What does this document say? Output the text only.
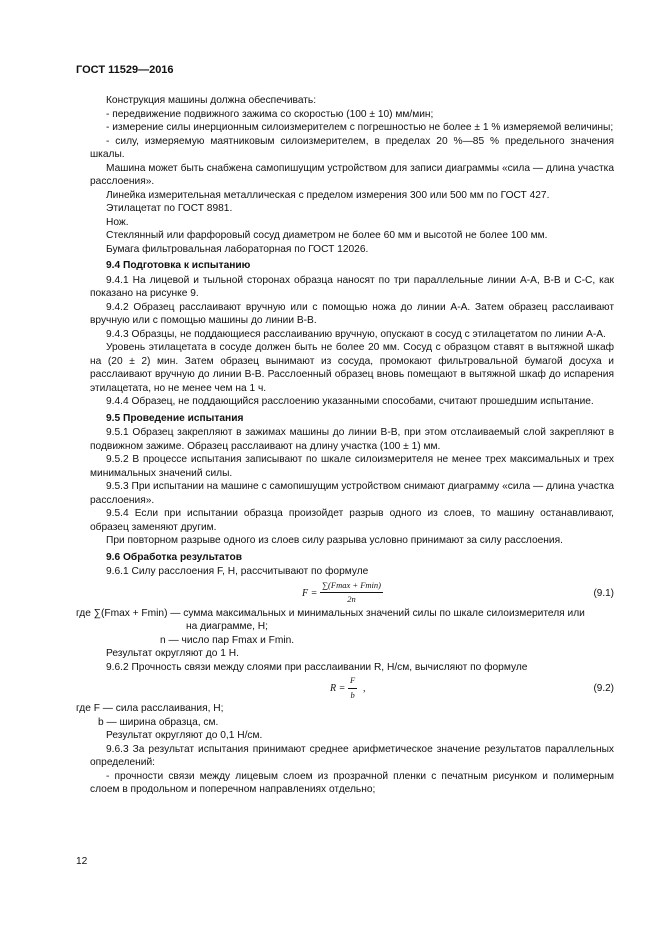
ГОСТ 11529—2016

Конструкция машины должна обеспечивать:

- передвижение подвижного зажима со скоростью (100 ± 10) мм/мин;

- измерение силы инерционным силоизмерителем с погрешностью не более ± 1 % измеряемой величины;

- силу, измеряемую маятниковым силоизмерителем, в пределах 20 %—85 % предельного значения шкалы.

Машина может быть снабжена самопишущим устройством для записи диаграммы «сила — длина участка расслоения».

Линейка измерительная металлическая с пределом измерения 300 или 500 мм по ГОСТ 427.

Этилацетат по ГОСТ 8981.

Нож.

Стеклянный или фарфоровый сосуд диаметром не более 60 мм и высотой не более 100 мм.

Бумага фильтровальная лабораторная по ГОСТ 12026.

9.4 Подготовка к испытанию

9.4.1 На лицевой и тыльной сторонах образца наносят по три параллельные линии А-А, В-В и С-С, как показано на рисунке 9.

9.4.2 Образец расслаивают вручную или с помощью ножа до линии А-А. Затем образец расслаивают вручную или с помощью машины до линии В-В.

9.4.3 Образцы, не поддающиеся расслаиванию вручную, опускают в сосуд с этилацетатом по линии А-А.

Уровень этилацетата в сосуде должен быть не более 20 мм. Сосуд с образцом ставят в вытяжной шкаф на (20 ± 2) мин. Затем образец вынимают из сосуда, промокают фильтровальной бумагой досуха и расслаивают вручную до линии В-В. Расслоенный образец вновь помещают в вытяжной шкаф до испарения этилацетата, но не менее чем на 1 ч.

9.4.4 Образец, не поддающийся расслоению указанными способами, считают прошедшим испытание.

9.5 Проведение испытания

9.5.1 Образец закрепляют в зажимах машины до линии В-В, при этом отслаиваемый слой закрепляют в подвижном зажиме. Образец расслаивают на длину участка (100 ± 1) мм.

9.5.2 В процессе испытания записывают по шкале силоизмерителя не менее трех максимальных и трех минимальных значений силы.

9.5.3 При испытании на машине с самопишущим устройством снимают диаграмму «сила — длина участка расслоения».

9.5.4 Если при испытании образца произойдет разрыв одного из слоев, то машину останавливают, образец заменяют другим.

При повторном разрыве одного из слоев силу разрыва условно принимают за силу расслоения.

9.6 Обработка результатов

9.6.1 Силу расслоения F, Н, рассчитывают по формуле

F =
∑(Fmax + Fmin)
2n
(9.1)

где ∑(Fmax + Fmin) — сумма максимальных и минимальных значений силы по шкале силоизмерителя или

на диаграмме, Н;

n — число пар Fmax и Fmin.

Результат округляют до 1 Н.

9.6.2 Прочность связи между слоями при расслаивании R, Н/см, вычисляют по формуле

$R = \frac{F}{b}$ ,	(9.2)

где F — сила расслаивания, Н;

b — ширина образца, см.

Результат округляют до 0,1 Н/см.

9.6.3 За результат испытания принимают среднее арифметическое значение результатов параллельных определений:

- прочности связи между лицевым слоем из прозрачной пленки с печатным рисунком и полимерным слоем в продольном и поперечном направлениях отдельно;

12
